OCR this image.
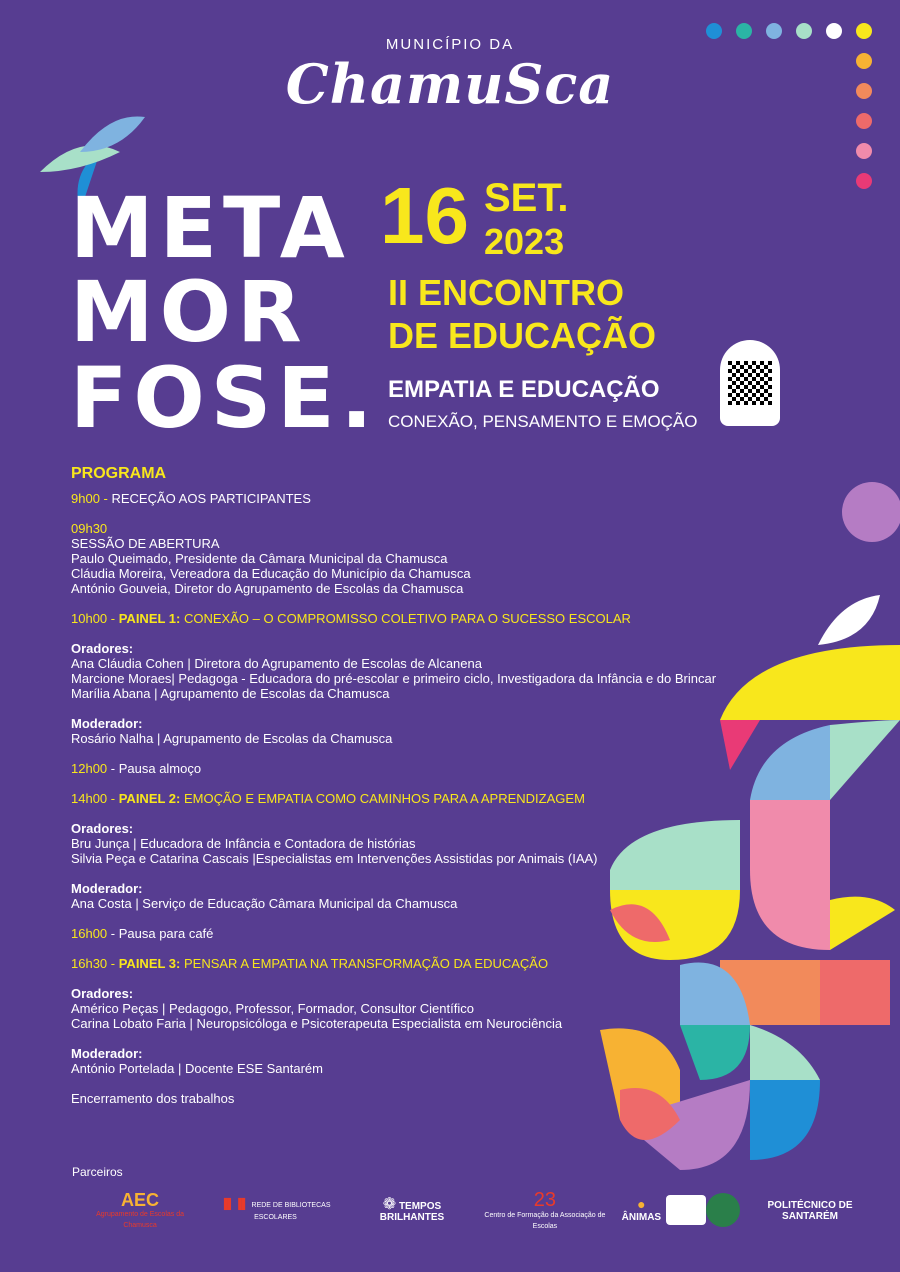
MUNICÍPIO DA
ChamuSca
META
MOR
FOSE.
16 SET.
2023
II ENCONTRO
DE EDUCAÇÃO
EMPATIA E EDUCAÇÃO
CONEXÃO, PENSAMENTO E EMOÇÃO
PROGRAMA
9h00 - RECEÇÃO AOS PARTICIPANTES
09h30
SESSÃO DE ABERTURA
Paulo Queimado, Presidente da Câmara Municipal da Chamusca
Cláudia Moreira, Vereadora da Educação do Município da Chamusca
António Gouveia, Diretor do Agrupamento de Escolas da Chamusca
10h00 - PAINEL 1: CONEXÃO – O COMPROMISSO COLETIVO PARA O SUCESSO ESCOLAR
Oradores:
Ana Cláudia Cohen | Diretora do Agrupamento de Escolas de Alcanena
Marcione Moraes| Pedagoga - Educadora do pré-escolar e primeiro ciclo, Investigadora da Infância e do Brincar
Marília Abana | Agrupamento de Escolas da Chamusca
Moderador:
Rosário Nalha | Agrupamento de Escolas da Chamusca
12h00 - Pausa almoço
14h00 - PAINEL 2: EMOÇÃO E EMPATIA COMO CAMINHOS PARA A APRENDIZAGEM
Oradores:
Bru Junça | Educadora de Infância e Contadora de histórias
Silvia Peça e Catarina Cascais |Especialistas em Intervenções Assistidas por Animais (IAA)
Moderador:
Ana Costa | Serviço de Educação Câmara Municipal da Chamusca
16h00 - Pausa para café
16h30 - PAINEL 3: PENSAR A EMPATIA NA TRANSFORMAÇÃO DA EDUCAÇÃO
Oradores:
Américo Peças | Pedagogo, Professor, Formador, Consultor Científico
Carina Lobato Faria | Neuropsicóloga e Psicoterapeuta Especialista em Neurociência
Moderador:
António Portelada | Docente ESE Santarém
Encerramento dos trabalhos
Parceiros
AEC
Agrupamento de Escolas da Chamusca
▐▌▐▌ REDE DE BIBLIOTECAS ESCOLARES
❁ TEMPOS BRILHANTES
23
Centro de Formação da Associação de Escolas
● ÂNIMAS
POLITÉCNICO DE SANTARÉM
